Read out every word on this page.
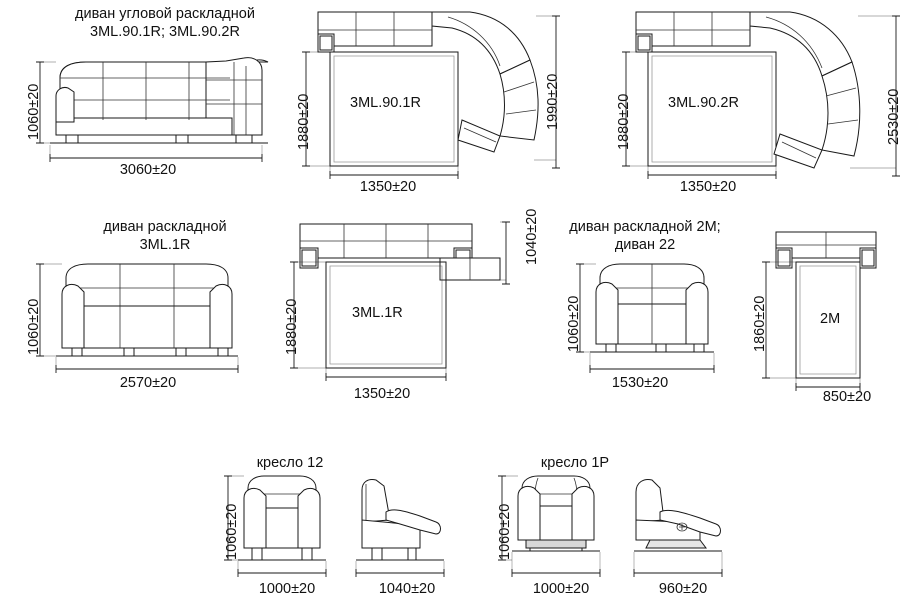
диван угловой раскладной
3ML.90.1R; 3ML.90.2R
1060±20
3060±20
1880±20	3ML.90.1R	1990±20
1350±20
1880±20 3ML.90.2R	2530±20
1350±20
диван раскладной
3ML.1R
1060±20
2570±20
1880±20	3ML.1R
1040±20
1350±20
диван раскладной 2М;
диван 22
1060±20
1530±20
1860±20	2М
850±20
кресло 12	кресло 1Р
1060±20
1000±20	1040±20
1060±20
1000±20	960±20
